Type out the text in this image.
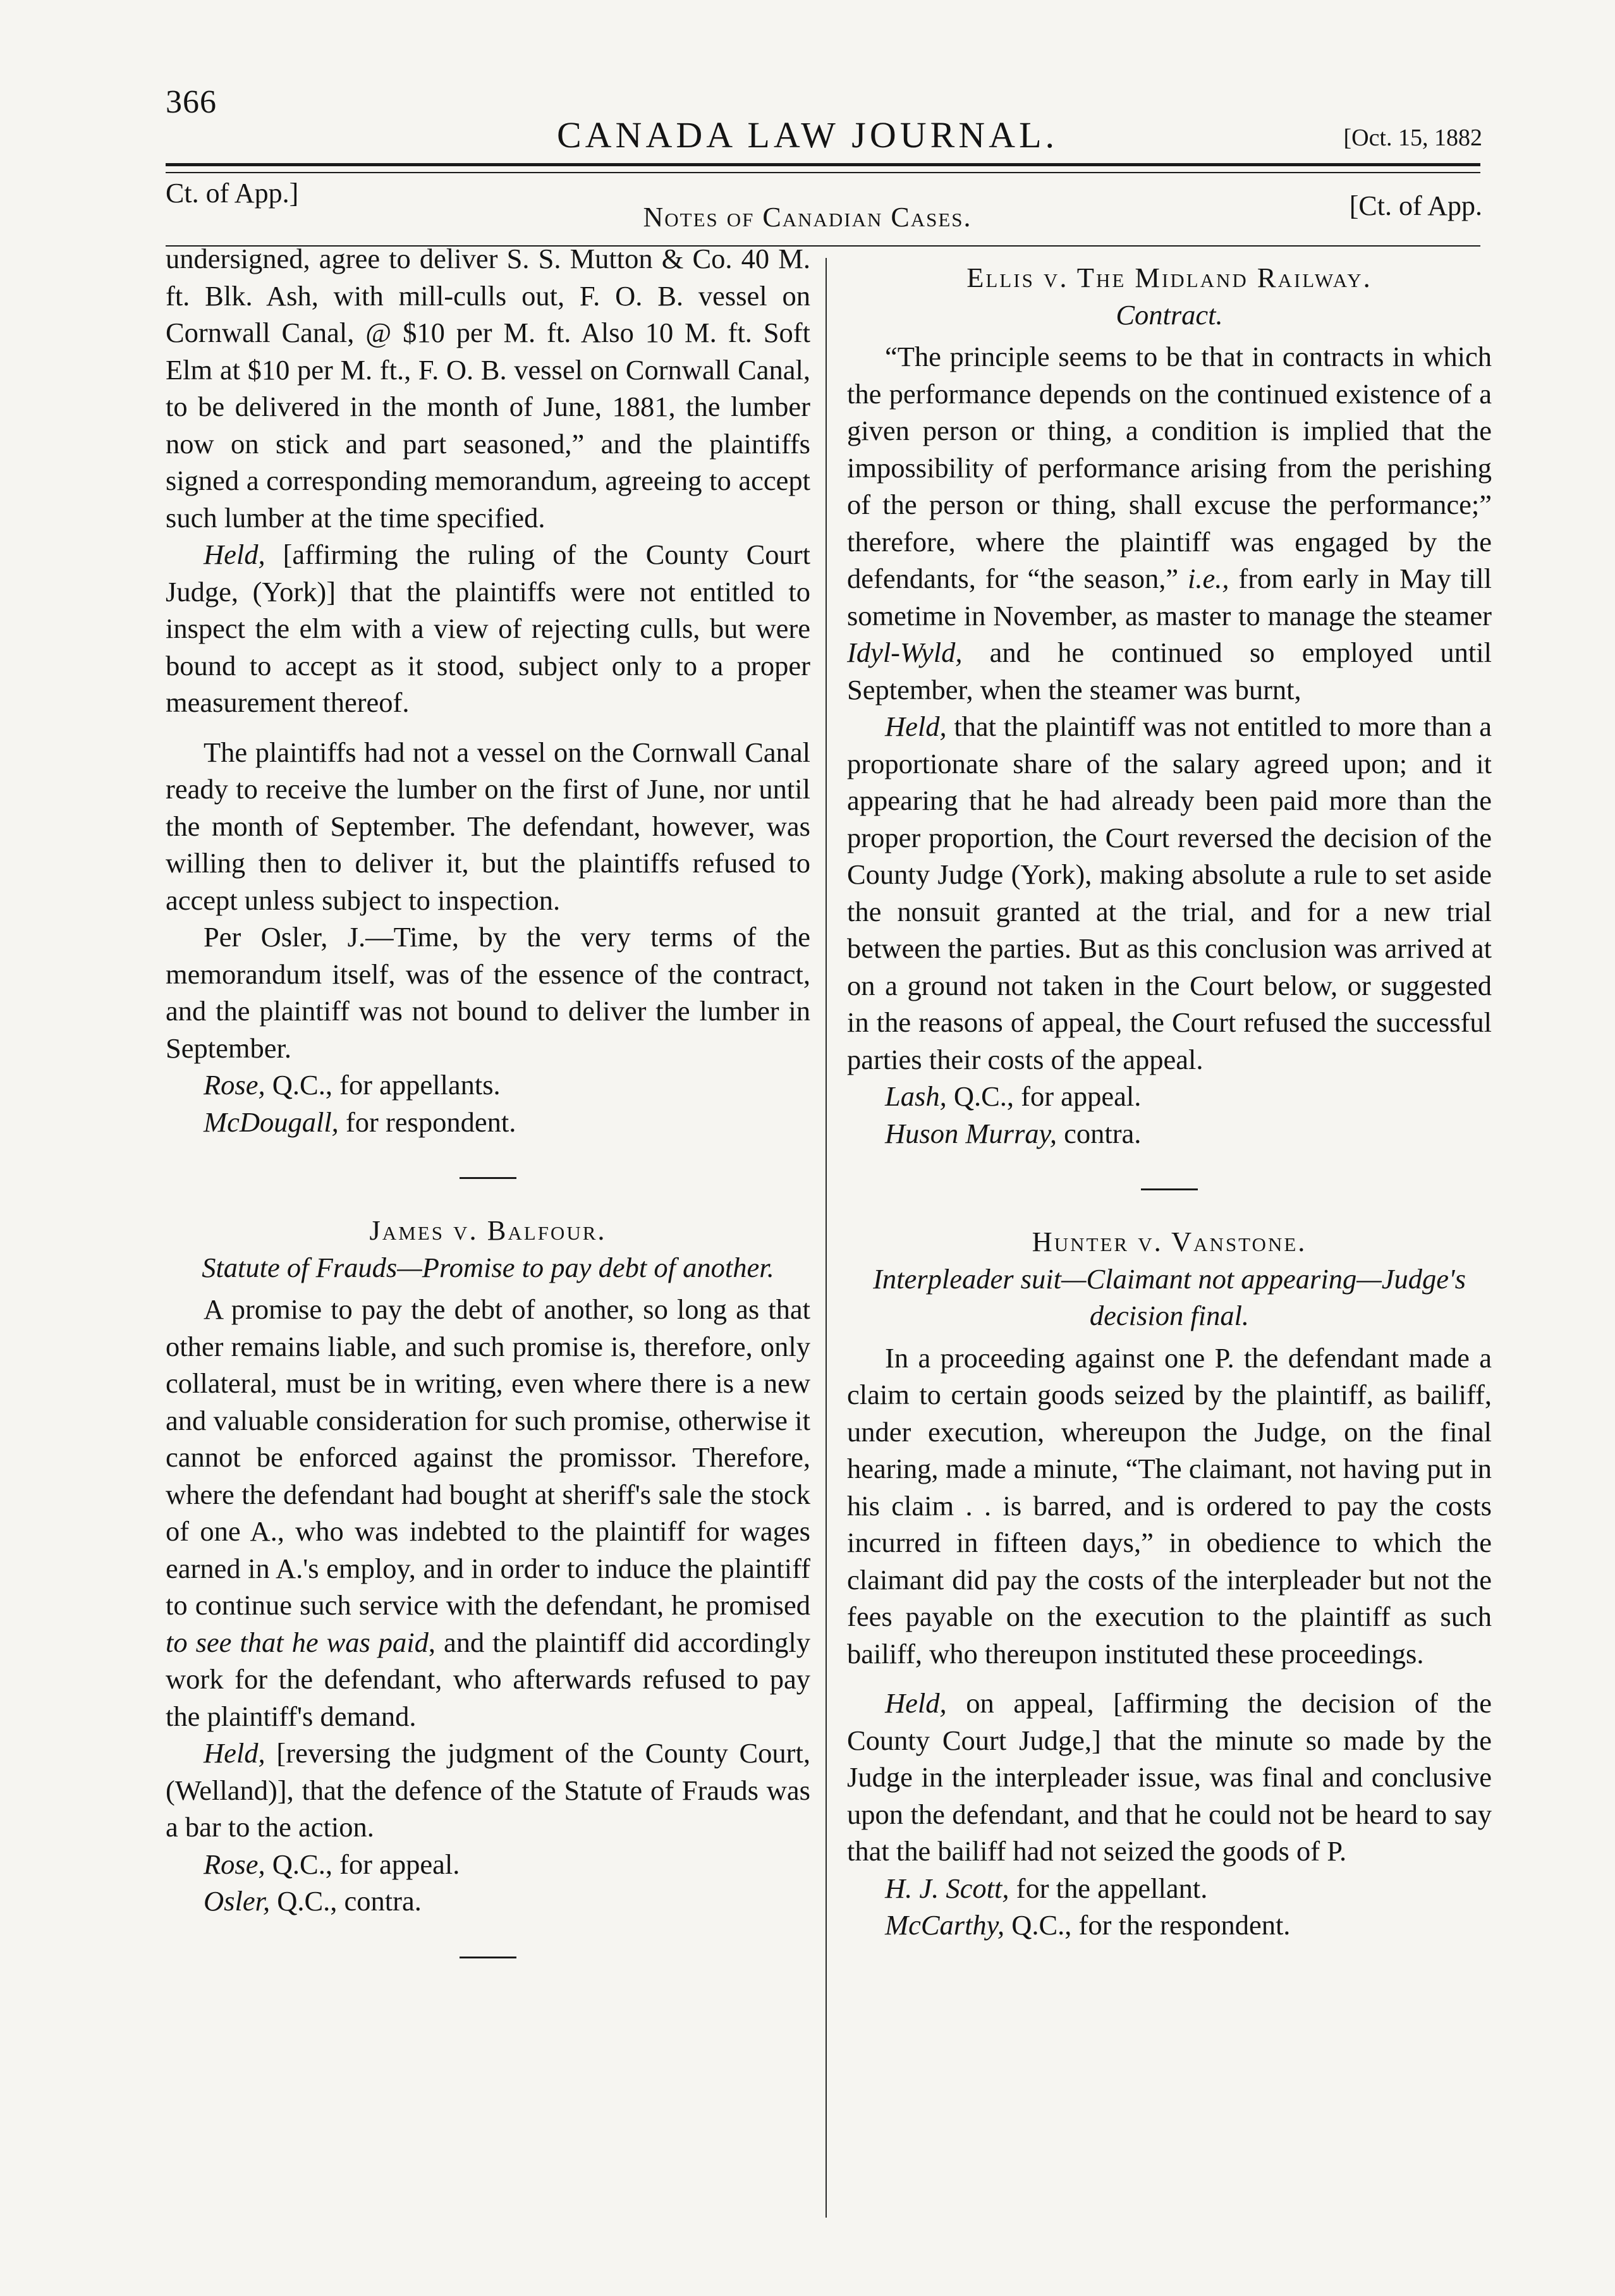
366
CANADA LAW JOURNAL.	[Oct. 15, 1882
Ct. of App.]
Notes of Canadian Cases.	[Ct. of App.

undersigned, agree to deliver S. S. Mutton & Co. 40 M. ft. Blk. Ash, with mill-culls out, F. O. B. vessel on Cornwall Canal, @ $10 per M. ft. Also 10 M. ft. Soft Elm at $10 per M. ft., F. O. B. vessel on Cornwall Canal, to be delivered in the month of June, 1881, the lumber now on stick and part seasoned,” and the plaintiffs signed a corresponding memorandum, agreeing to accept such lumber at the time specified.

Held, [affirming the ruling of the County Court Judge, (York)] that the plaintiffs were not entitled to inspect the elm with a view of rejecting culls, but were bound to accept as it stood, subject only to a proper measurement thereof.

The plaintiffs had not a vessel on the Cornwall Canal ready to receive the lumber on the first of June, nor until the month of September. The defendant, however, was willing then to deliver it, but the plaintiffs refused to accept unless subject to inspection.

Per Osler, J.—Time, by the very terms of the memorandum itself, was of the essence of the contract, and the plaintiff was not bound to deliver the lumber in September.

Rose, Q.C., for appellants.

McDougall, for respondent.

James v. Balfour.

Statute of Frauds—Promise to pay debt of another.

A promise to pay the debt of another, so long as that other remains liable, and such promise is, therefore, only collateral, must be in writing, even where there is a new and valuable consideration for such promise, otherwise it cannot be enforced against the promissor. Therefore, where the defendant had bought at sheriff's sale the stock of one A., who was indebted to the plaintiff for wages earned in A.'s employ, and in order to induce the plaintiff to continue such service with the defendant, he promised to see that he was paid, and the plaintiff did accordingly work for the defendant, who afterwards refused to pay the plaintiff's demand.

Held, [reversing the judgment of the County Court, (Welland)], that the defence of the Statute of Frauds was a bar to the action.

Rose, Q.C., for appeal.

Osler, Q.C., contra.

Ellis v. The Midland Railway.

Contract.

“The principle seems to be that in contracts in which the performance depends on the continued existence of a given person or thing, a condition is implied that the impossibility of performance arising from the perishing of the person or thing, shall excuse the performance;” therefore, where the plaintiff was engaged by the defendants, for “the season,” i.e., from early in May till sometime in November, as master to manage the steamer Idyl-Wyld, and he continued so employed until September, when the steamer was burnt,

Held, that the plaintiff was not entitled to more than a proportionate share of the salary agreed upon; and it appearing that he had already been paid more than the proper proportion, the Court reversed the decision of the County Judge (York), making absolute a rule to set aside the nonsuit granted at the trial, and for a new trial between the parties. But as this conclusion was arrived at on a ground not taken in the Court below, or suggested in the reasons of appeal, the Court refused the successful parties their costs of the appeal.

Lash, Q.C., for appeal.

Huson Murray, contra.

Hunter v. Vanstone.

Interpleader suit—Claimant not appearing—Judge's decision final.

In a proceeding against one P. the defendant made a claim to certain goods seized by the plaintiff, as bailiff, under execution, whereupon the Judge, on the final hearing, made a minute, “The claimant, not having put in his claim . . is barred, and is ordered to pay the costs incurred in fifteen days,” in obedience to which the claimant did pay the costs of the interpleader but not the fees payable on the execution to the plaintiff as such bailiff, who thereupon instituted these proceedings.

Held, on appeal, [affirming the decision of the County Court Judge,] that the minute so made by the Judge in the interpleader issue, was final and conclusive upon the defendant, and that he could not be heard to say that the bailiff had not seized the goods of P.

H. J. Scott, for the appellant.

McCarthy, Q.C., for the respondent.
